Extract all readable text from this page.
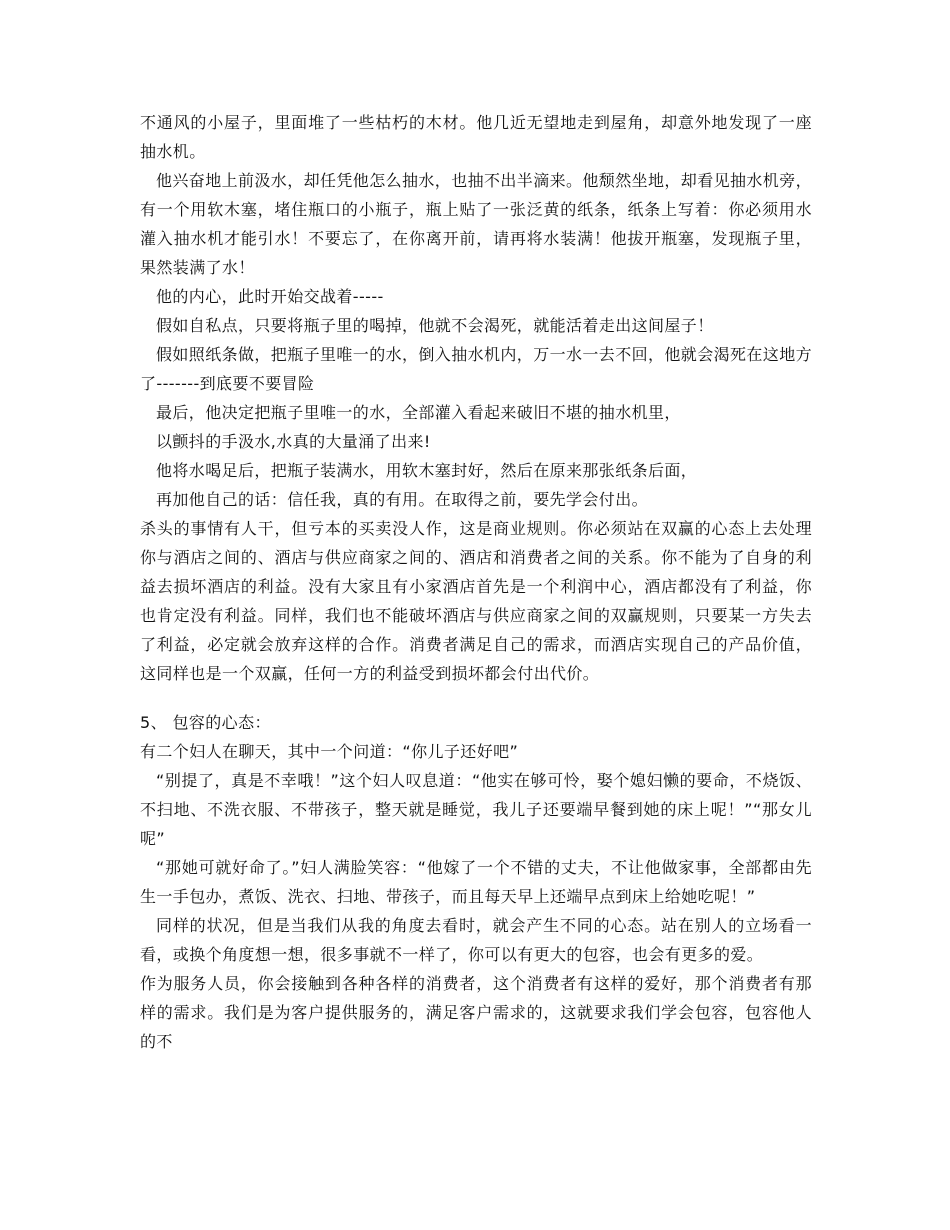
不通风的小屋子，里面堆了一些枯朽的木材。他几近无望地走到屋角，却意外地发现了一座抽水机。

他兴奋地上前汲水，却任凭他怎么抽水，也抽不出半滴来。他颓然坐地，却看见抽水机旁，有一个用软木塞，堵住瓶口的小瓶子，瓶上贴了一张泛黄的纸条，纸条上写着：你必须用水灌入抽水机才能引水！不要忘了，在你离开前，请再将水装满！他拔开瓶塞，发现瓶子里，果然装满了水！

他的内心，此时开始交战着-----

假如自私点，只要将瓶子里的喝掉，他就不会渴死，就能活着走出这间屋子！

假如照纸条做，把瓶子里唯一的水，倒入抽水机内，万一水一去不回，他就会渴死在这地方了-------到底要不要冒险

最后，他决定把瓶子里唯一的水，全部灌入看起来破旧不堪的抽水机里，

以颤抖的手汲水,水真的大量涌了出来!

他将水喝足后，把瓶子装满水，用软木塞封好，然后在原来那张纸条后面，

再加他自己的话：信任我，真的有用。在取得之前，要先学会付出。

杀头的事情有人干，但亏本的买卖没人作，这是商业规则。你必须站在双赢的心态上去处理你与酒店之间的、酒店与供应商家之间的、酒店和消费者之间的关系。你不能为了自身的利益去损坏酒店的利益。没有大家且有小家酒店首先是一个利润中心，酒店都没有了利益，你也肯定没有利益。同样，我们也不能破坏酒店与供应商家之间的双赢规则，只要某一方失去了利益，必定就会放弃这样的合作。消费者满足自己的需求，而酒店实现自己的产品价值，这同样也是一个双赢，任何一方的利益受到损坏都会付出代价。

5、 包容的心态：

有二个妇人在聊天，其中一个问道：“你儿子还好吧”

“别提了，真是不幸哦！”这个妇人叹息道：“他实在够可怜，娶个媳妇懒的要命，不烧饭、不扫地、不洗衣服、不带孩子，整天就是睡觉，我儿子还要端早餐到她的床上呢！”“那女儿呢”

“那她可就好命了。”妇人满脸笑容：“他嫁了一个不错的丈夫，不让他做家事，全部都由先生一手包办，煮饭、洗衣、扫地、带孩子，而且每天早上还端早点到床上给她吃呢！”

同样的状况，但是当我们从我的角度去看时，就会产生不同的心态。站在别人的立场看一看，或换个角度想一想，很多事就不一样了，你可以有更大的包容，也会有更多的爱。

作为服务人员，你会接触到各种各样的消费者，这个消费者有这样的爱好，那个消费者有那样的需求。我们是为客户提供服务的，满足客户需求的，这就要求我们学会包容，包容他人的不
